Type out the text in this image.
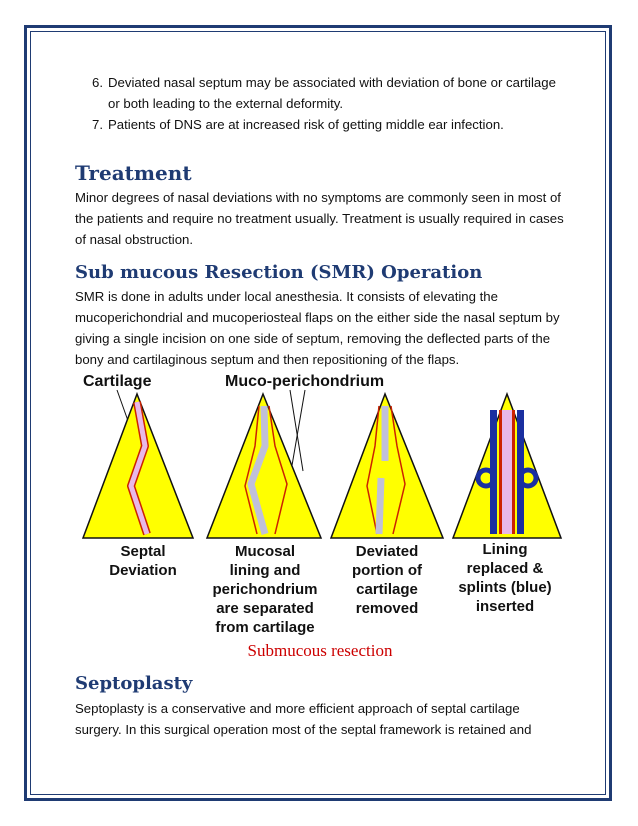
6. Deviated nasal septum may be associated with deviation of bone or cartilage or both leading to the external deformity.
7. Patients of DNS are at increased risk of getting middle ear infection.
Treatment

Minor degrees of nasal deviations with no symptoms are commonly seen in most of the patients and require no treatment usually. Treatment is usually required in cases of nasal obstruction.

Sub mucous Resection (SMR) Operation

SMR is done in adults under local anesthesia. It consists of elevating the mucoperichondrial and mucoperiosteal flaps on the either side the nasal septum by giving a single incision on one side of septum, removing the deflected parts of the bony and cartilaginous septum and then repositioning of the flaps.

Cartilage	Muco-perichondrium
Septal
Deviation
Mucosal
lining and
perichondrium
are separated
from cartilage
Deviated
portion of
cartilage
removed
Lining
replaced &
splints (blue)
inserted
Submucous resection
Septoplasty

Septoplasty is a conservative and more efficient approach of septal cartilage surgery. In this surgical operation most of the septal framework is retained and
